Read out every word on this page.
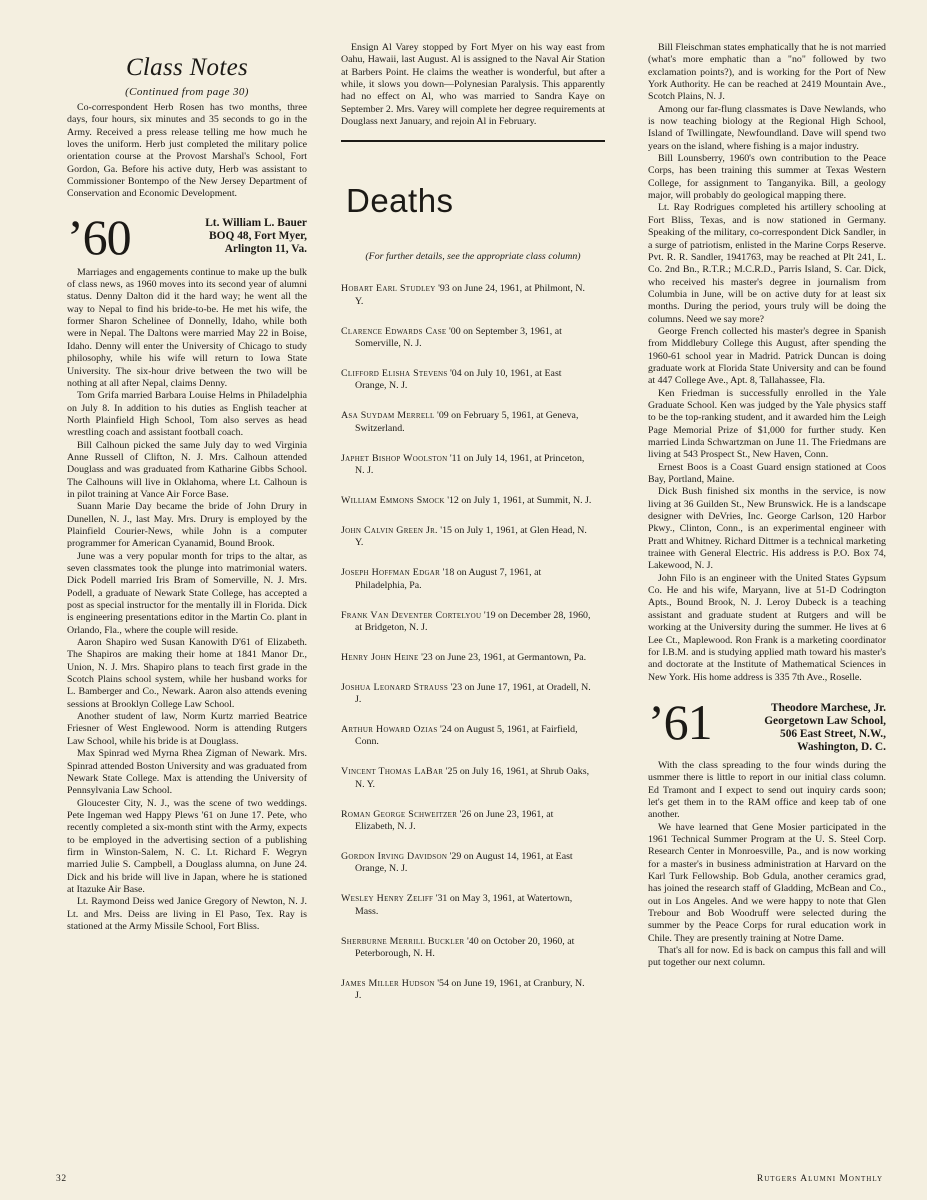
Class Notes
(Continued from page 30)

Co-correspondent Herb Rosen has two months, three days, four hours, six minutes and 35 seconds to go in the Army. Received a press release telling me how much he loves the uniform. Herb just completed the military police orientation course at the Provost Marshal's School, Fort Gordon, Ga. Before his active duty, Herb was assistant to Commissioner Bontempo of the New Jersey Department of Conservation and Economic Development.

’60	Lt. William L. Bauer
BOQ 48, Fort Myer,
Arlington 11, Va.

Marriages and engagements continue to make up the bulk of class news, as 1960 moves into its second year of alumni status. Denny Dalton did it the hard way; he went all the way to Nepal to find his bride-to-be. He met his wife, the former Sharon Schelinee of Donnelly, Idaho, while both were in Nepal. The Daltons were married May 22 in Boise, Idaho. Denny will enter the University of Chicago to study philosophy, while his wife will return to Iowa State University. The six-hour drive between the two will be nothing at all after Nepal, claims Denny.

Tom Grifa married Barbara Louise Helms in Philadelphia on July 8. In addition to his duties as English teacher at North Plainfield High School, Tom also serves as head wrestling coach and assistant football coach.

Bill Calhoun picked the same July day to wed Virginia Anne Russell of Clifton, N. J. Mrs. Calhoun attended Douglass and was graduated from Katharine Gibbs School. The Calhouns will live in Oklahoma, where Lt. Calhoun is in pilot training at Vance Air Force Base.

Suann Marie Day became the bride of John Drury in Dunellen, N. J., last May. Mrs. Drury is employed by the Plainfield Courier-News, while John is a computer programmer for American Cyanamid, Bound Brook.

June was a very popular month for trips to the altar, as seven classmates took the plunge into matrimonial waters. Dick Podell married Iris Bram of Somerville, N. J. Mrs. Podell, a graduate of Newark State College, has accepted a post as special instructor for the mentally ill in Florida. Dick is engineering presentations editor in the Martin Co. plant in Orlando, Fla., where the couple will reside.

Aaron Shapiro wed Susan Kanowith D'61 of Elizabeth. The Shapiros are making their home at 1841 Manor Dr., Union, N. J. Mrs. Shapiro plans to teach first grade in the Scotch Plains school system, while her husband works for L. Bamberger and Co., Newark. Aaron also attends evening sessions at Brooklyn College Law School.

Another student of law, Norm Kurtz married Beatrice Friesner of West Englewood. Norm is attending Rutgers Law School, while his bride is at Douglass.

Max Spinrad wed Myrna Rhea Zigman of Newark. Mrs. Spinrad attended Boston University and was graduated from Newark State College. Max is attending the University of Pennsylvania Law School.

Gloucester City, N. J., was the scene of two weddings. Pete Ingeman wed Happy Plews '61 on June 17. Pete, who recently completed a six-month stint with the Army, expects to be employed in the advertising section of a publishing firm in Winston-Salem, N. C. Lt. Richard F. Wegryn married Julie S. Campbell, a Douglass alumna, on June 24. Dick and his bride will live in Japan, where he is stationed at Itazuke Air Base.

Lt. Raymond Deiss wed Janice Gregory of Newton, N. J. Lt. and Mrs. Deiss are living in El Paso, Tex. Ray is stationed at the Army Missile School, Fort Bliss.

Ensign Al Varey stopped by Fort Myer on his way east from Oahu, Hawaii, last August. Al is assigned to the Naval Air Station at Barbers Point. He claims the weather is wonderful, but after a while, it slows you down—Polynesian Paralysis. This apparently had no effect on Al, who was married to Sandra Kaye on September 2. Mrs. Varey will complete her degree requirements at Douglass next January, and rejoin Al in February.

Deaths
(For further details, see the appropriate class column)
Hobart Earl Studley '93 on June 24, 1961, at Philmont, N. Y.
Clarence Edwards Case '00 on September 3, 1961, at Somerville, N. J.
Clifford Elisha Stevens '04 on July 10, 1961, at East Orange, N. J.
Asa Suydam Merrell '09 on February 5, 1961, at Geneva, Switzerland.
Japhet Bishop Woolston '11 on July 14, 1961, at Princeton, N. J.
William Emmons Smock '12 on July 1, 1961, at Summit, N. J.
John Calvin Green Jr. '15 on July 1, 1961, at Glen Head, N. Y.
Joseph Hoffman Edgar '18 on August 7, 1961, at Philadelphia, Pa.
Frank Van Deventer Cortelyou '19 on December 28, 1960, at Bridgeton, N. J.
Henry John Heine '23 on June 23, 1961, at Germantown, Pa.
Joshua Leonard Strauss '23 on June 17, 1961, at Oradell, N. J.
Arthur Howard Ozias '24 on August 5, 1961, at Fairfield, Conn.
Vincent Thomas LaBar '25 on July 16, 1961, at Shrub Oaks, N. Y.
Roman George Schweitzer '26 on June 23, 1961, at Elizabeth, N. J.
Gordon Irving Davidson '29 on August 14, 1961, at East Orange, N. J.
Wesley Henry Zeliff '31 on May 3, 1961, at Watertown, Mass.
Sherburne Merrill Buckler '40 on October 20, 1960, at Peterborough, N. H.
James Miller Hudson '54 on June 19, 1961, at Cranbury, N. J.

Bill Fleischman states emphatically that he is not married (what's more emphatic than a "no" followed by two exclamation points?), and is working for the Port of New York Authority. He can be reached at 2419 Mountain Ave., Scotch Plains, N. J.

Among our far-flung classmates is Dave Newlands, who is now teaching biology at the Regional High School, Island of Twillingate, Newfoundland. Dave will spend two years on the island, where fishing is a major industry.

Bill Lounsberry, 1960's own contribution to the Peace Corps, has been training this summer at Texas Western College, for assignment to Tanganyika. Bill, a geology major, will probably do geological mapping there.

Lt. Ray Rodrigues completed his artillery schooling at Fort Bliss, Texas, and is now stationed in Germany. Speaking of the military, co-correspondent Dick Sandler, in a surge of patriotism, enlisted in the Marine Corps Reserve. Pvt. R. R. Sandler, 1941763, may be reached at Plt 241, L. Co. 2nd Bn., R.T.R.; M.C.R.D., Parris Island, S. Car. Dick, who received his master's degree in journalism from Columbia in June, will be on active duty for at least six months. During the period, yours truly will be doing the columns. Need we say more?

George French collected his master's degree in Spanish from Middlebury College this August, after spending the 1960-61 school year in Madrid. Patrick Duncan is doing graduate work at Florida State University and can be found at 447 College Ave., Apt. 8, Tallahassee, Fla.

Ken Friedman is successfully enrolled in the Yale Graduate School. Ken was judged by the Yale physics staff to be the top-ranking student, and it awarded him the Leigh Page Memorial Prize of $1,000 for further study. Ken married Linda Schwartzman on June 11. The Friedmans are living at 543 Prospect St., New Haven, Conn.

Ernest Boos is a Coast Guard ensign stationed at Coos Bay, Portland, Maine.

Dick Bush finished six months in the service, is now living at 36 Guilden St., New Brunswick. He is a landscape designer with DeVries, Inc. George Carlson, 120 Harbor Pkwy., Clinton, Conn., is an experimental engineer with Pratt and Whitney. Richard Dittmer is a technical marketing trainee with General Electric. His address is P.O. Box 74, Lakewood, N. J.

John Filo is an engineer with the United States Gypsum Co. He and his wife, Maryann, live at 51-D Codrington Apts., Bound Brook, N. J. Leroy Dubeck is a teaching assistant and graduate student at Rutgers and will be working at the University during the summer. He lives at 6 Lee Ct., Maplewood. Ron Frank is a marketing coordinator for I.B.M. and is studying applied math toward his master's and doctorate at the Institute of Mathematical Sciences in New York. His home address is 335 7th Ave., Roselle.

’61	Theodore Marchese, Jr.
Georgetown Law School,
506 East Street, N.W.,
Washington, D. C.

With the class spreading to the four winds during the usmmer there is little to report in our initial class column. Ed Tramont and I expect to send out inquiry cards soon; let's get them in to the RAM office and keep tab of one another.

We have learned that Gene Mosier participated in the 1961 Technical Summer Program at the U. S. Steel Corp. Research Center in Monroesville, Pa., and is now working for a master's in business administration at Harvard on the Karl Turk Fellowship. Bob Gdula, another ceramics grad, has joined the research staff of Gladding, McBean and Co., out in Los Angeles. And we were happy to note that Glen Trebour and Bob Woodruff were selected during the summer by the Peace Corps for rural education work in Chile. They are presently training at Notre Dame.

That's all for now. Ed is back on campus this fall and will put together our next column.

32	Rutgers Alumni Monthly
